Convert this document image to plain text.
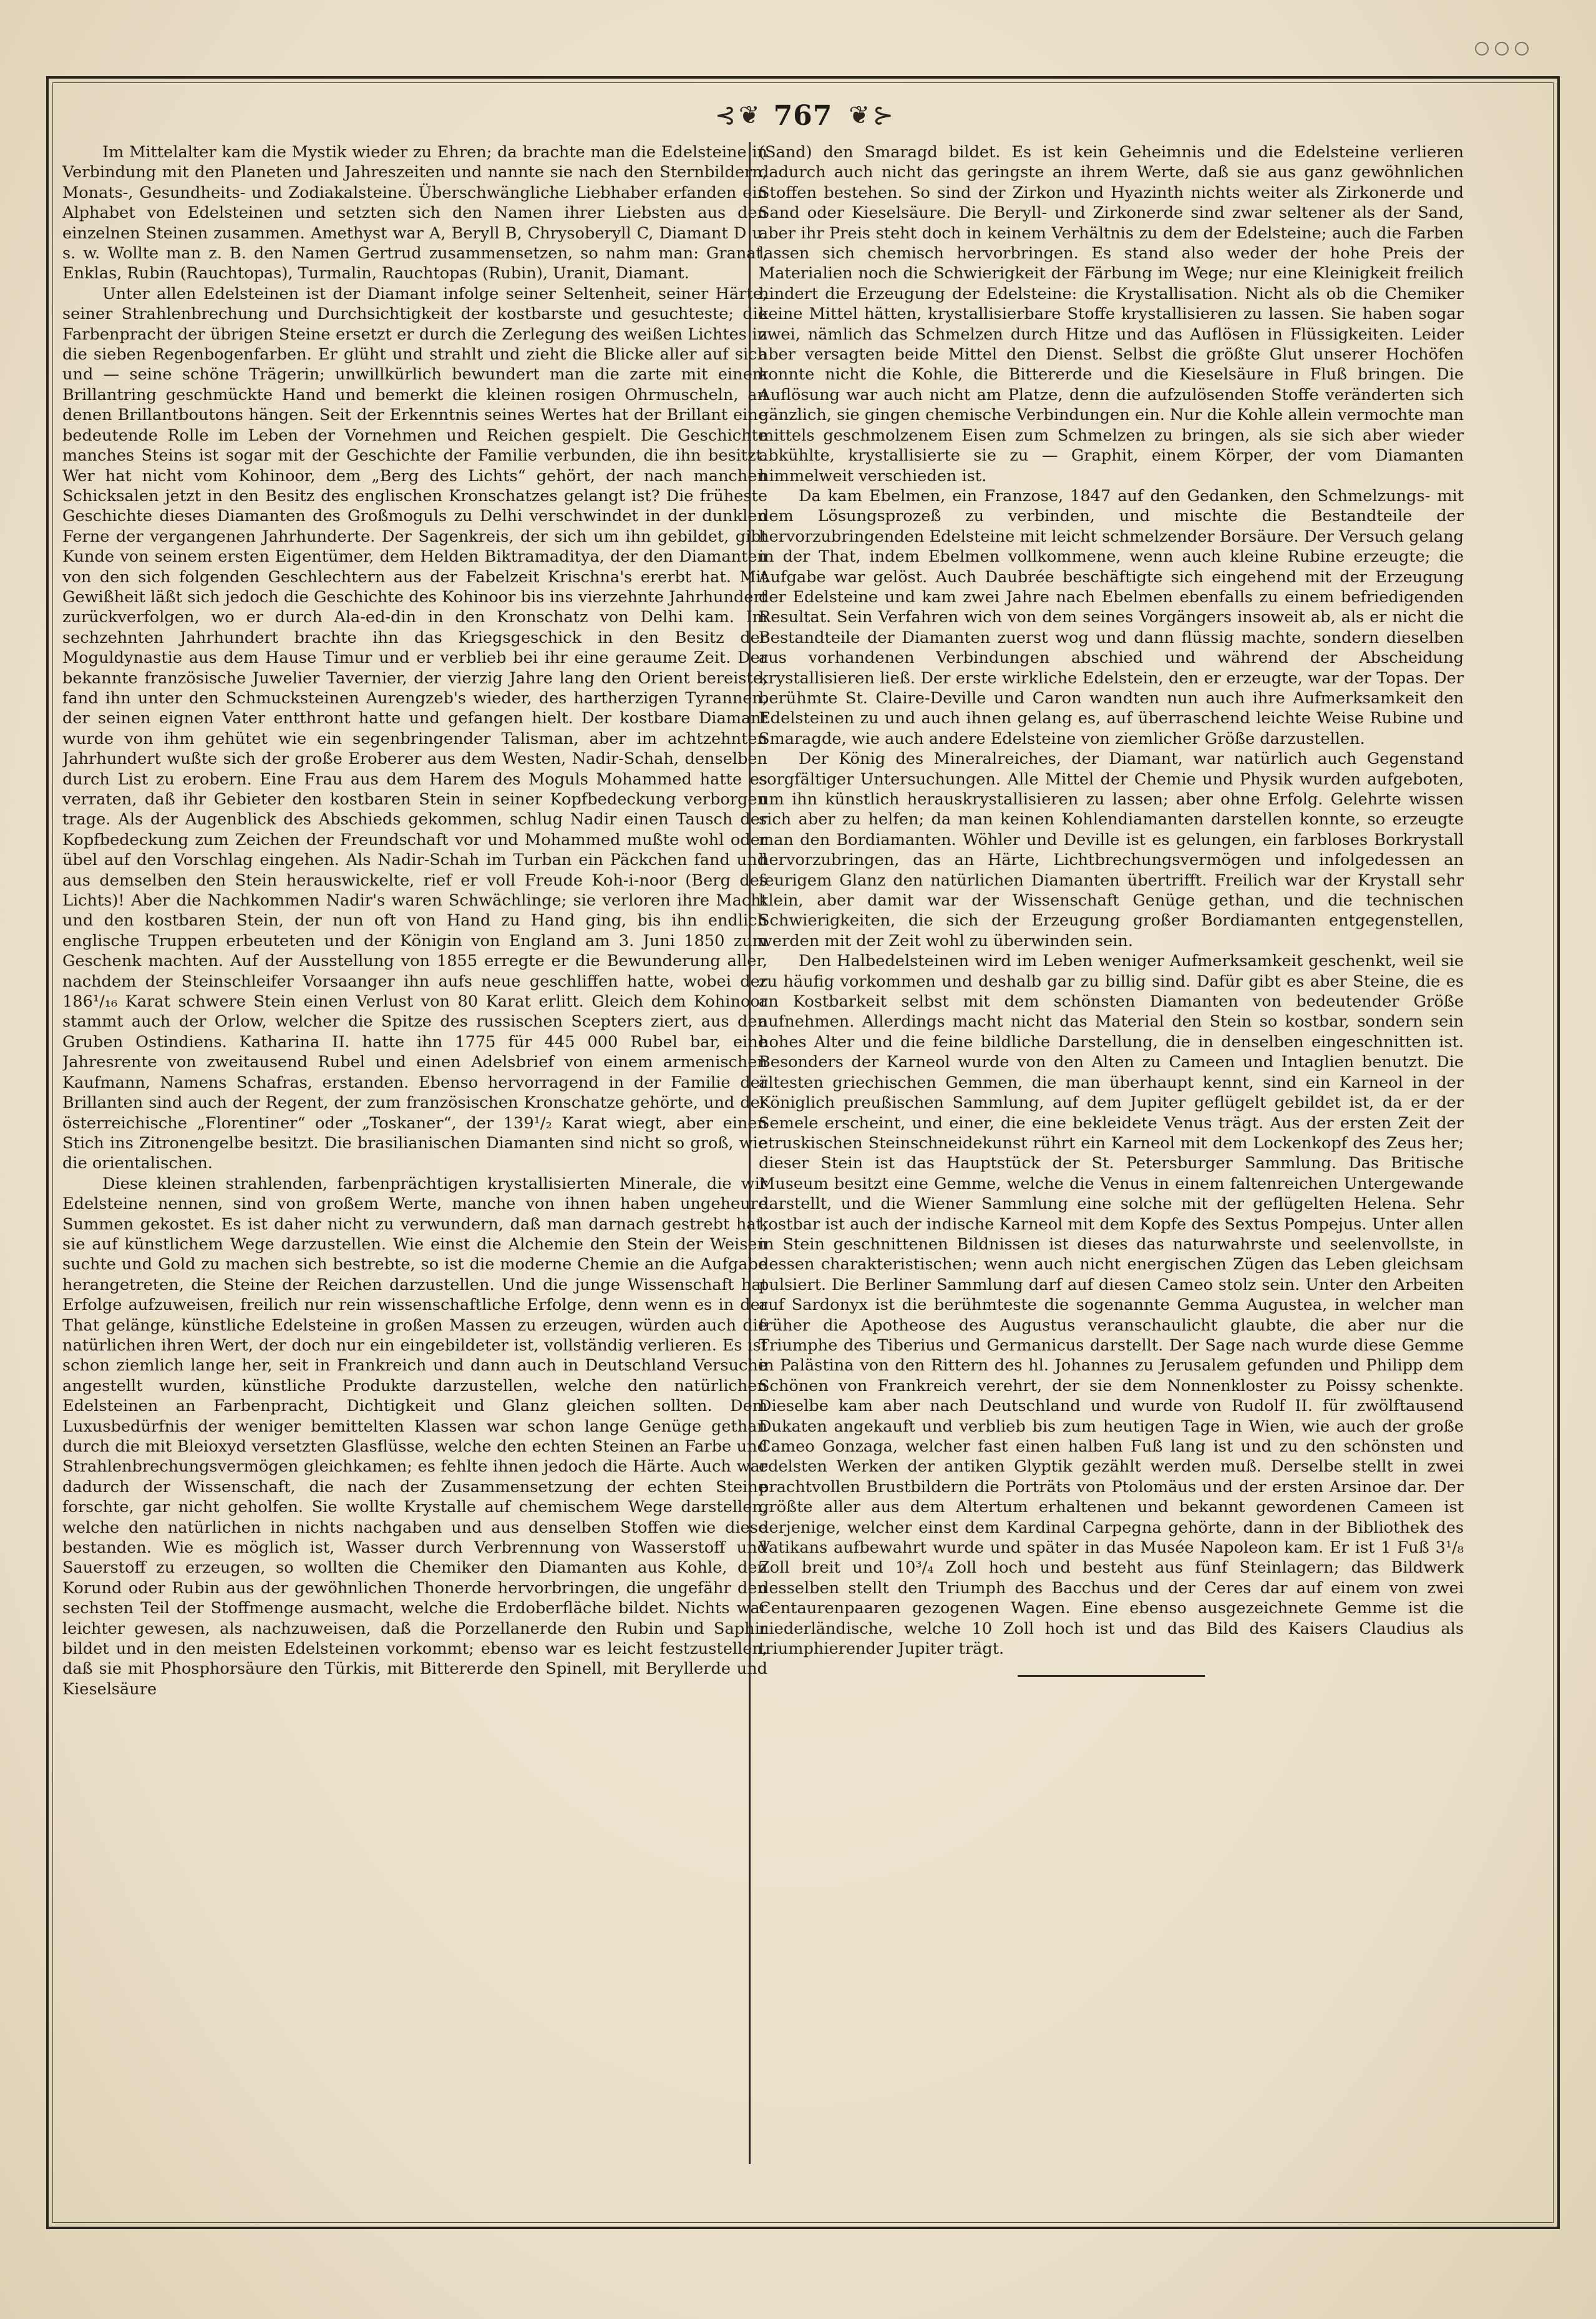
⊰ ❦ 767 ❦ ⊱

Im Mittelalter kam die Mystik wieder zu Ehren; da brachte man die Edelsteine in Verbindung mit den Planeten und Jahreszeiten und nannte sie nach den Sternbildern, Monats-, Gesundheits- und Zodiakalsteine. Überschwängliche Liebhaber erfanden ein Alphabet von Edelsteinen und setzten sich den Namen ihrer Liebsten aus den einzelnen Steinen zusammen. Amethyst war A, Beryll B, Chrysoberyll C, Diamant D u. s. w. Wollte man z. B. den Namen Gertrud zusammensetzen, so nahm man: Granat, Enklas, Rubin (Rauchtopas), Turmalin, Rauchtopas (Rubin), Uranit, Diamant.

Unter allen Edelsteinen ist der Diamant infolge seiner Seltenheit, seiner Härte, seiner Strahlenbrechung und Durchsichtigkeit der kostbarste und gesuchteste; die Farbenpracht der übrigen Steine ersetzt er durch die Zerlegung des weißen Lichtes in die sieben Regenbogenfarben. Er glüht und strahlt und zieht die Blicke aller auf sich und — seine schöne Trägerin; unwillkürlich bewundert man die zarte mit einem Brillantring geschmückte Hand und bemerkt die kleinen rosigen Ohrmuscheln, an denen Brillantboutons hängen. Seit der Erkenntnis seines Wertes hat der Brillant eine bedeutende Rolle im Leben der Vornehmen und Reichen gespielt. Die Geschichte manches Steins ist sogar mit der Geschichte der Familie verbunden, die ihn besitzt. Wer hat nicht vom Kohinoor, dem „Berg des Lichts“ gehört, der nach manchen Schicksalen jetzt in den Besitz des englischen Kronschatzes gelangt ist? Die früheste Geschichte dieses Diamanten des Großmoguls zu Delhi verschwindet in der dunklen Ferne der vergangenen Jahrhunderte. Der Sagenkreis, der sich um ihn gebildet, gibt Kunde von seinem ersten Eigentümer, dem Helden Biktramaditya, der den Diamanten von den sich folgenden Geschlechtern aus der Fabelzeit Krischna's ererbt hat. Mit Gewißheit läßt sich jedoch die Geschichte des Kohinoor bis ins vierzehnte Jahrhundert zurückverfolgen, wo er durch Ala-ed-din in den Kronschatz von Delhi kam. Im sechzehnten Jahrhundert brachte ihn das Kriegsgeschick in den Besitz der Moguldynastie aus dem Hause Timur und er verblieb bei ihr eine geraume Zeit. Der bekannte französische Juwelier Tavernier, der vierzig Jahre lang den Orient bereiste, fand ihn unter den Schmucksteinen Aurengzeb's wieder, des hartherzigen Tyrannen, der seinen eignen Vater entthront hatte und gefangen hielt. Der kostbare Diamant wurde von ihm gehütet wie ein segenbringender Talisman, aber im achtzehnten Jahrhundert wußte sich der große Eroberer aus dem Westen, Nadir-Schah, denselben durch List zu erobern. Eine Frau aus dem Harem des Moguls Mohammed hatte es verraten, daß ihr Gebieter den kostbaren Stein in seiner Kopfbedeckung verborgen trage. Als der Augenblick des Abschieds gekommen, schlug Nadir einen Tausch der Kopfbedeckung zum Zeichen der Freundschaft vor und Mohammed mußte wohl oder übel auf den Vorschlag eingehen. Als Nadir-Schah im Turban ein Päckchen fand und aus demselben den Stein herauswickelte, rief er voll Freude Koh-i-noor (Berg des Lichts)! Aber die Nachkommen Nadir's waren Schwächlinge; sie verloren ihre Macht und den kostbaren Stein, der nun oft von Hand zu Hand ging, bis ihn endlich englische Truppen erbeuteten und der Königin von England am 3. Juni 1850 zum Geschenk machten. Auf der Ausstellung von 1855 erregte er die Bewunderung aller, nachdem der Steinschleifer Vorsaanger ihn aufs neue geschliffen hatte, wobei der 186¹/₁₆ Karat schwere Stein einen Verlust von 80 Karat erlitt. Gleich dem Kohinoor stammt auch der Orlow, welcher die Spitze des russischen Scepters ziert, aus den Gruben Ostindiens. Katharina II. hatte ihn 1775 für 445 000 Rubel bar, eine Jahresrente von zweitausend Rubel und einen Adelsbrief von einem armenischen Kaufmann, Namens Schafras, erstanden. Ebenso hervorragend in der Familie der Brillanten sind auch der Regent, der zum französischen Kronschatze gehörte, und der österreichische „Florentiner“ oder „Toskaner“, der 139¹/₂ Karat wiegt, aber einen Stich ins Zitronengelbe besitzt. Die brasilianischen Diamanten sind nicht so groß, wie die orientalischen.

Diese kleinen strahlenden, farbenprächtigen krystallisierten Minerale, die wir Edelsteine nennen, sind von großem Werte, manche von ihnen haben ungeheure Summen gekostet. Es ist daher nicht zu verwundern, daß man darnach gestrebt hat, sie auf künstlichem Wege darzustellen. Wie einst die Alchemie den Stein der Weisen suchte und Gold zu machen sich bestrebte, so ist die moderne Chemie an die Aufgabe herangetreten, die Steine der Reichen darzustellen. Und die junge Wissenschaft hat Erfolge aufzuweisen, freilich nur rein wissenschaftliche Erfolge, denn wenn es in der That gelänge, künstliche Edelsteine in großen Massen zu erzeugen, würden auch die natürlichen ihren Wert, der doch nur ein eingebildeter ist, vollständig verlieren. Es ist schon ziemlich lange her, seit in Frankreich und dann auch in Deutschland Versuche angestellt wurden, künstliche Produkte darzustellen, welche den natürlichen Edelsteinen an Farbenpracht, Dichtigkeit und Glanz gleichen sollten. Dem Luxusbedürfnis der weniger bemittelten Klassen war schon lange Genüge gethan durch die mit Bleioxyd versetzten Glasflüsse, welche den echten Steinen an Farbe und Strahlenbrechungsvermögen gleichkamen; es fehlte ihnen jedoch die Härte. Auch war dadurch der Wissenschaft, die nach der Zusammensetzung der echten Steine forschte, gar nicht geholfen. Sie wollte Krystalle auf chemischem Wege darstellen, welche den natürlichen in nichts nachgaben und aus denselben Stoffen wie diese bestanden. Wie es möglich ist, Wasser durch Verbrennung von Wasserstoff und Sauerstoff zu erzeugen, so wollten die Chemiker den Diamanten aus Kohle, den Korund oder Rubin aus der gewöhnlichen Thonerde hervorbringen, die ungefähr den sechsten Teil der Stoffmenge ausmacht, welche die Erdoberfläche bildet. Nichts war leichter gewesen, als nachzuweisen, daß die Porzellanerde den Rubin und Saphir bildet und in den meisten Edelsteinen vorkommt; ebenso war es leicht festzustellen, daß sie mit Phosphorsäure den Türkis, mit Bittererde den Spinell, mit Beryllerde und Kieselsäure

(Sand) den Smaragd bildet. Es ist kein Geheimnis und die Edelsteine verlieren dadurch auch nicht das geringste an ihrem Werte, daß sie aus ganz gewöhnlichen Stoffen bestehen. So sind der Zirkon und Hyazinth nichts weiter als Zirkonerde und Sand oder Kieselsäure. Die Beryll- und Zirkonerde sind zwar seltener als der Sand, aber ihr Preis steht doch in keinem Verhältnis zu dem der Edelsteine; auch die Farben lassen sich chemisch hervorbringen. Es stand also weder der hohe Preis der Materialien noch die Schwierigkeit der Färbung im Wege; nur eine Kleinigkeit freilich hindert die Erzeugung der Edelsteine: die Krystallisation. Nicht als ob die Chemiker keine Mittel hätten, krystallisierbare Stoffe krystallisieren zu lassen. Sie haben sogar zwei, nämlich das Schmelzen durch Hitze und das Auflösen in Flüssigkeiten. Leider aber versagten beide Mittel den Dienst. Selbst die größte Glut unserer Hochöfen konnte nicht die Kohle, die Bittererde und die Kieselsäure in Fluß bringen. Die Auflösung war auch nicht am Platze, denn die aufzulösenden Stoffe veränderten sich gänzlich, sie gingen chemische Verbindungen ein. Nur die Kohle allein vermochte man mittels geschmolzenem Eisen zum Schmelzen zu bringen, als sie sich aber wieder abkühlte, krystallisierte sie zu — Graphit, einem Körper, der vom Diamanten himmelweit verschieden ist.

Da kam Ebelmen, ein Franzose, 1847 auf den Gedanken, den Schmelzungs- mit dem Lösungsprozeß zu verbinden, und mischte die Bestandteile der hervorzubringenden Edelsteine mit leicht schmelzender Borsäure. Der Versuch gelang in der That, indem Ebelmen vollkommene, wenn auch kleine Rubine erzeugte; die Aufgabe war gelöst. Auch Daubrée beschäftigte sich eingehend mit der Erzeugung der Edelsteine und kam zwei Jahre nach Ebelmen ebenfalls zu einem befriedigenden Resultat. Sein Verfahren wich von dem seines Vorgängers insoweit ab, als er nicht die Bestandteile der Diamanten zuerst wog und dann flüssig machte, sondern dieselben aus vorhandenen Verbindungen abschied und während der Abscheidung krystallisieren ließ. Der erste wirkliche Edelstein, den er erzeugte, war der Topas. Der berühmte St. Claire-Deville und Caron wandten nun auch ihre Aufmerksamkeit den Edelsteinen zu und auch ihnen gelang es, auf überraschend leichte Weise Rubine und Smaragde, wie auch andere Edelsteine von ziemlicher Größe darzustellen.

Der König des Mineralreiches, der Diamant, war natürlich auch Gegenstand sorgfältiger Untersuchungen. Alle Mittel der Chemie und Physik wurden aufgeboten, um ihn künstlich herauskrystallisieren zu lassen; aber ohne Erfolg. Gelehrte wissen sich aber zu helfen; da man keinen Kohlendiamanten darstellen konnte, so erzeugte man den Bordiamanten. Wöhler und Deville ist es gelungen, ein farbloses Borkrystall hervorzubringen, das an Härte, Lichtbrechungsvermögen und infolgedessen an feurigem Glanz den natürlichen Diamanten übertrifft. Freilich war der Krystall sehr klein, aber damit war der Wissenschaft Genüge gethan, und die technischen Schwierigkeiten, die sich der Erzeugung großer Bordiamanten entgegenstellen, werden mit der Zeit wohl zu überwinden sein.

Den Halbedelsteinen wird im Leben weniger Aufmerksamkeit geschenkt, weil sie zu häufig vorkommen und deshalb gar zu billig sind. Dafür gibt es aber Steine, die es an Kostbarkeit selbst mit dem schönsten Diamanten von bedeutender Größe aufnehmen. Allerdings macht nicht das Material den Stein so kostbar, sondern sein hohes Alter und die feine bildliche Darstellung, die in denselben eingeschnitten ist. Besonders der Karneol wurde von den Alten zu Cameen und Intaglien benutzt. Die ältesten griechischen Gemmen, die man überhaupt kennt, sind ein Karneol in der Königlich preußischen Sammlung, auf dem Jupiter geflügelt gebildet ist, da er der Semele erscheint, und einer, die eine bekleidete Venus trägt. Aus der ersten Zeit der etruskischen Steinschneidekunst rührt ein Karneol mit dem Lockenkopf des Zeus her; dieser Stein ist das Hauptstück der St. Petersburger Sammlung. Das Britische Museum besitzt eine Gemme, welche die Venus in einem faltenreichen Untergewande darstellt, und die Wiener Sammlung eine solche mit der geflügelten Helena. Sehr kostbar ist auch der indische Karneol mit dem Kopfe des Sextus Pompejus. Unter allen in Stein geschnittenen Bildnissen ist dieses das naturwahrste und seelenvollste, in dessen charakteristischen; wenn auch nicht energischen Zügen das Leben gleichsam pulsiert. Die Berliner Sammlung darf auf diesen Cameo stolz sein. Unter den Arbeiten auf Sardonyx ist die berühmteste die sogenannte Gemma Augustea, in welcher man früher die Apotheose des Augustus veranschaulicht glaubte, die aber nur die Triumphe des Tiberius und Germanicus darstellt. Der Sage nach wurde diese Gemme in Palästina von den Rittern des hl. Johannes zu Jerusalem gefunden und Philipp dem Schönen von Frankreich verehrt, der sie dem Nonnenkloster zu Poissy schenkte. Dieselbe kam aber nach Deutschland und wurde von Rudolf II. für zwölftausend Dukaten angekauft und verblieb bis zum heutigen Tage in Wien, wie auch der große Cameo Gonzaga, welcher fast einen halben Fuß lang ist und zu den schönsten und edelsten Werken der antiken Glyptik gezählt werden muß. Derselbe stellt in zwei prachtvollen Brustbildern die Porträts von Ptolomäus und der ersten Arsinoe dar. Der größte aller aus dem Altertum erhaltenen und bekannt gewordenen Cameen ist derjenige, welcher einst dem Kardinal Carpegna gehörte, dann in der Bibliothek des Vatikans aufbewahrt wurde und später in das Musée Napoleon kam. Er ist 1 Fuß 3¹/₈ Zoll breit und 10³/₄ Zoll hoch und besteht aus fünf Steinlagern; das Bildwerk desselben stellt den Triumph des Bacchus und der Ceres dar auf einem von zwei Centaurenpaaren gezogenen Wagen. Eine ebenso ausgezeichnete Gemme ist die niederländische, welche 10 Zoll hoch ist und das Bild des Kaisers Claudius als triumphierender Jupiter trägt.
